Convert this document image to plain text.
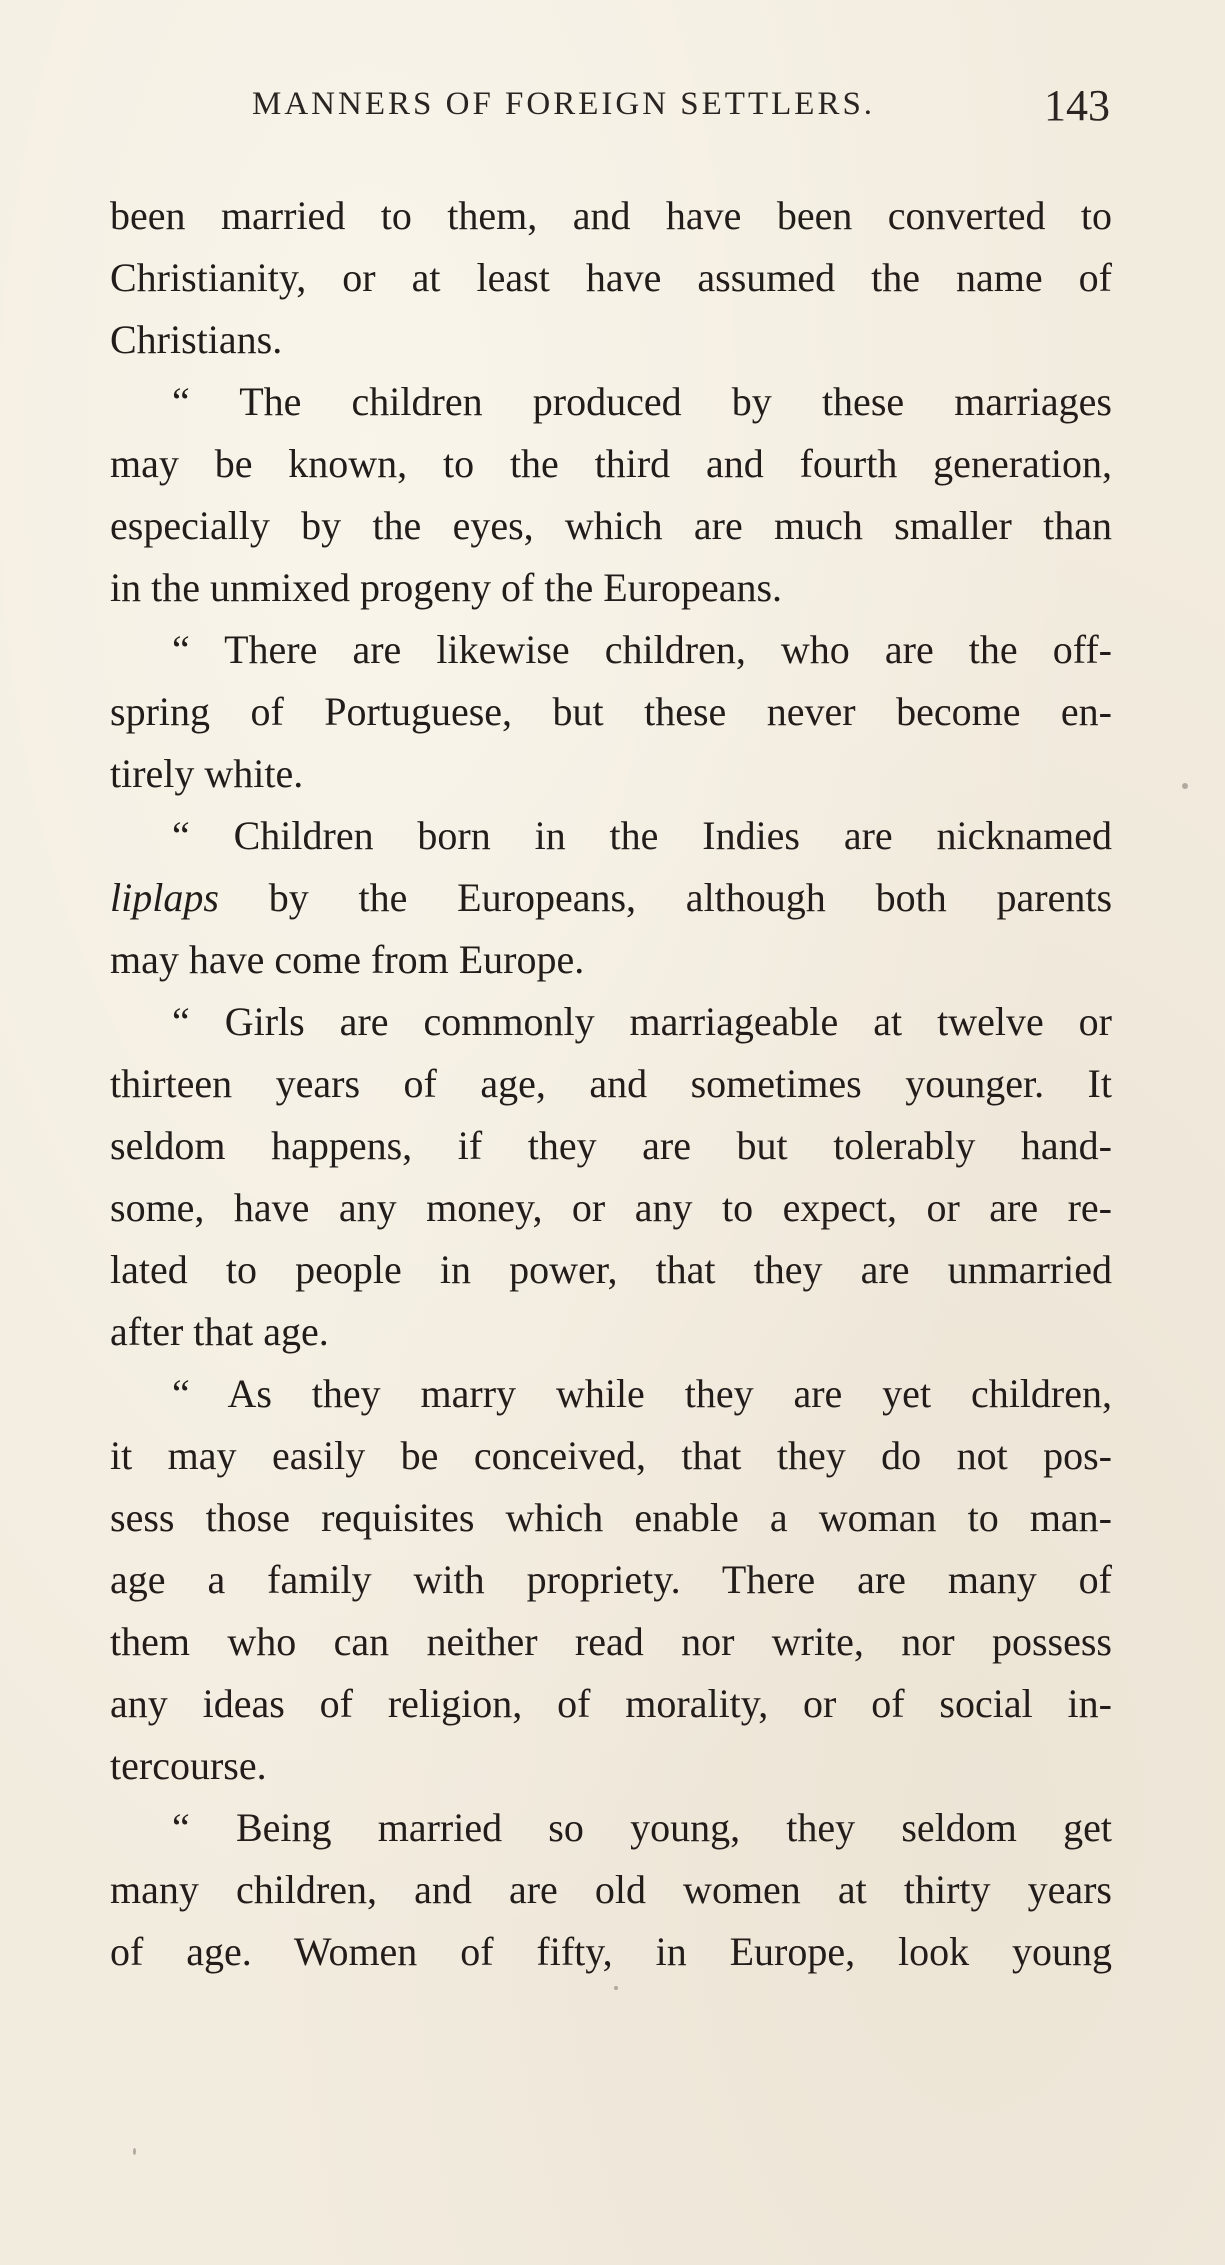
MANNERS OF FOREIGN SETTLERS.	143
been married to them, and have been converted to
Christianity, or at least have assumed the name of
Christians.
“ The children produced by these marriages
may be known, to the third and fourth generation,
especially by the eyes, which are much smaller than
in the unmixed progeny of the Europeans.
“ There are likewise children, who are the off-
spring of Portuguese, but these never become en-
tirely white.
“ Children born in the Indies are nicknamed
liplaps by the Europeans, although both parents
may have come from Europe.
“ Girls are commonly marriageable at twelve or
thirteen years of age, and sometimes younger. It
seldom happens, if they are but tolerably hand-
some, have any money, or any to expect, or are re-
lated to people in power, that they are unmarried
after that age.
“ As they marry while they are yet children,
it may easily be conceived, that they do not pos-
sess those requisites which enable a woman to man-
age a family with propriety. There are many of
them who can neither read nor write, nor possess
any ideas of religion, of morality, or of social in-
tercourse.
“ Being married so young, they seldom get
many children, and are old women at thirty years
of age. Women of fifty, in Europe, look young
